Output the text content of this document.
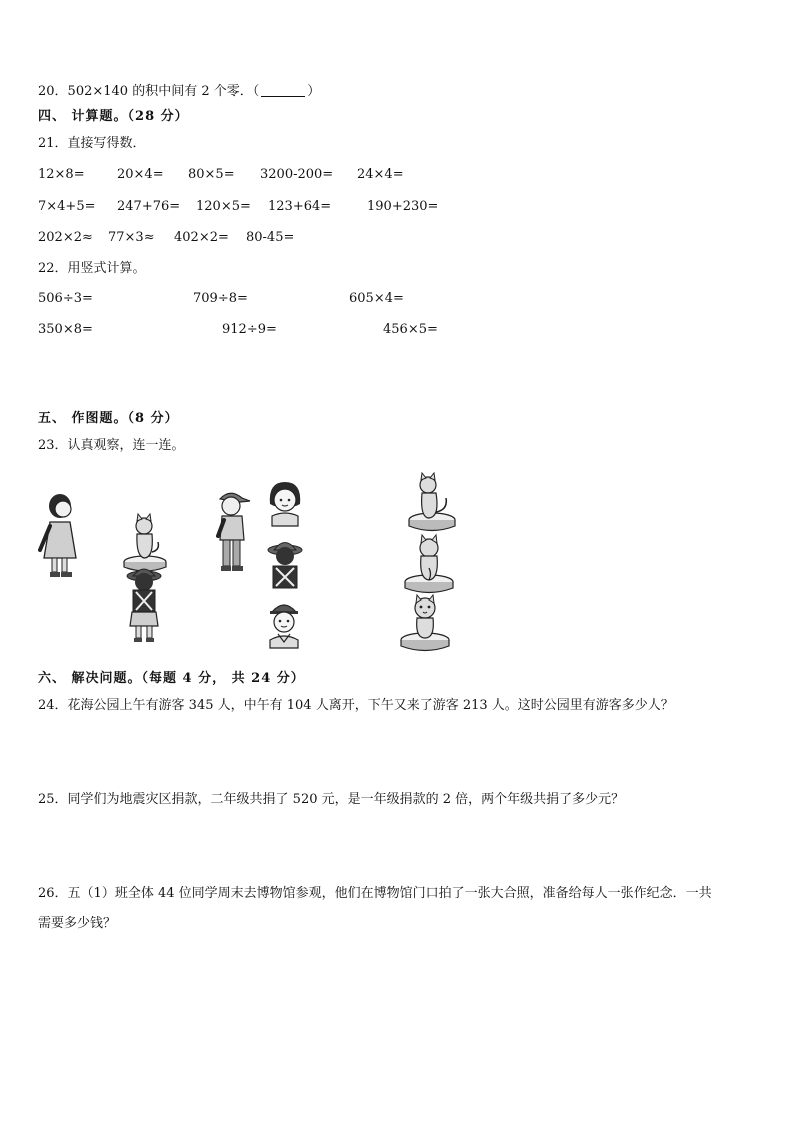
20．502×140 的积中间有 2 个零．（	）
四、 计算题。（28 分）
21．直接写得数．
12×8= 20×4= 80×5= 3200-200= 24×4=
7×4+5= 247+76= 120×5= 123+64=	190+230=
202×2≈ 77×3≈ 402×2= 80-45=
22．用竖式计算。
506÷3=	709÷8=	605×4=
350×8=	912÷9=	456×5=
五、 作图题。（8 分）
23．认真观察，连一连。
六、 解决问题。（每题 4 分， 共 24 分）
24．花海公园上午有游客 345 人，中午有 104 人离开，下午又来了游客 213 人。这时公园里有游客多少人？
25．同学们为地震灾区捐款，二年级共捐了 520 元，是一年级捐款的 2 倍，两个年级共捐了多少元？
26．五（1）班全体 44 位同学周末去博物馆参观，他们在博物馆门口拍了一张大合照，准备给每人一张作纪念．一共
需要多少钱？
